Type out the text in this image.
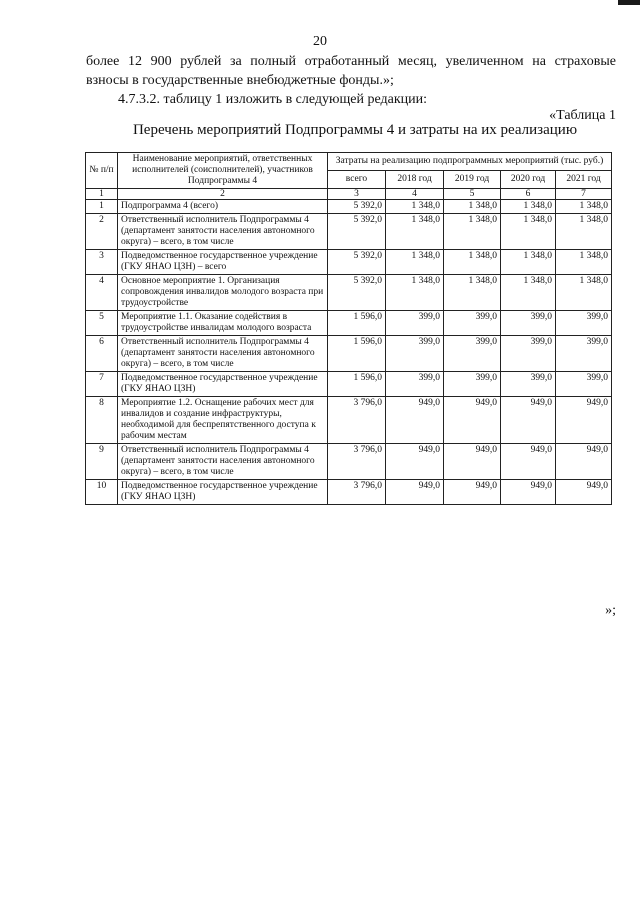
20
более 12 900 рублей за полный отработанный месяц, увеличенном на страховые
взносы в государственные внебюджетные фонды.»;
4.7.3.2. таблицу 1 изложить в следующей редакции:
«Таблица 1
Перечень мероприятий Подпрограммы 4 и затраты на их реализацию
№ п/п	Наименование мероприятий, ответственных исполнителей (соисполнителей), участников Подпрограммы 4	Затраты на реализацию подпрограммных мероприятий (тыс. руб.)				
		всего	2018 год	2019 год	2020 год	2021 год
1	2	3	4	5	6	7
1	Подпрограмма 4 (всего)	5 392,0	1 348,0	1 348,0	1 348,0	1 348,0
2	Ответственный исполнитель Подпрограммы 4 (департамент занятости населения автономного округа) – всего, в том числе	5 392,0	1 348,0	1 348,0	1 348,0	1 348,0
3	Подведомственное государственное учреждение (ГКУ ЯНАО ЦЗН) – всего	5 392,0	1 348,0	1 348,0	1 348,0	1 348,0
4	Основное мероприятие 1. Организация сопровождения инвалидов молодого возраста при трудоустройстве	5 392,0	1 348,0	1 348,0	1 348,0	1 348,0
5	Мероприятие 1.1. Оказание содействия в трудоустройстве инвалидам молодого возраста	1 596,0	399,0	399,0	399,0	399,0
6	Ответственный исполнитель Подпрограммы 4 (департамент занятости населения автономного округа) – всего, в том числе	1 596,0	399,0	399,0	399,0	399,0
7	Подведомственное государственное учреждение (ГКУ ЯНАО ЦЗН)	1 596,0	399,0	399,0	399,0	399,0
8	Мероприятие 1.2. Оснащение рабочих мест для инвалидов и создание инфраструктуры, необходимой для беспрепятственного доступа к рабочим местам	3 796,0	949,0	949,0	949,0	949,0
9	Ответственный исполнитель Подпрограммы 4 (департамент занятости населения автономного округа) – всего, в том числе	3 796,0	949,0	949,0	949,0	949,0
10	Подведомственное государственное учреждение (ГКУ ЯНАО ЦЗН)	3 796,0	949,0	949,0	949,0	949,0
»;
